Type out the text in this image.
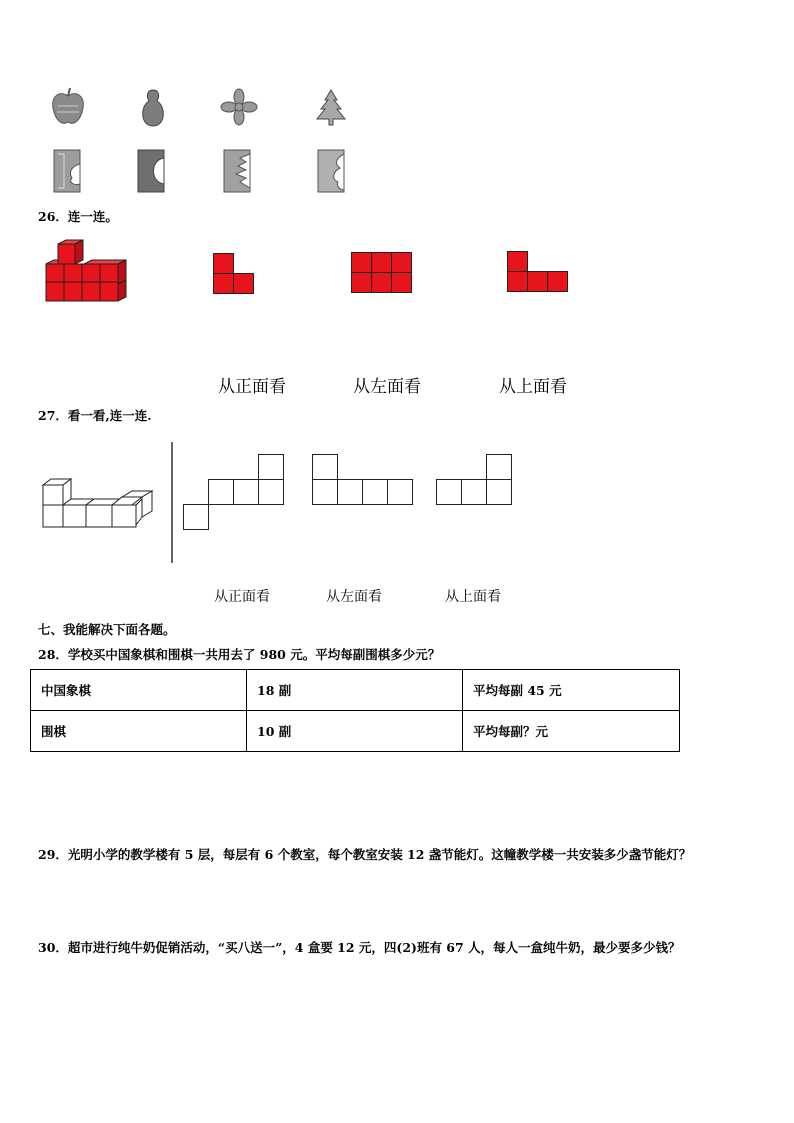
26．连一连。
从正面看	从左面看	从上面看
27．看一看,连一连.
从正面看	从左面看	从上面看
七、我能解决下面各题。
28．学校买中国象棋和围棋一共用去了 980 元。平均每副围棋多少元？
中国象棋	18 副	平均每副 45 元
围棋	10 副	平均每副？元
29．光明小学的教学楼有 5 层，每层有 6 个教室，每个教室安装 12 盏节能灯。这幢教学楼一共安装多少盏节能灯？
30．超市进行纯牛奶促销活动，“买八送一”，4 盒要 12 元，四(2)班有 67 人，每人一盒纯牛奶，最少要多少钱？
